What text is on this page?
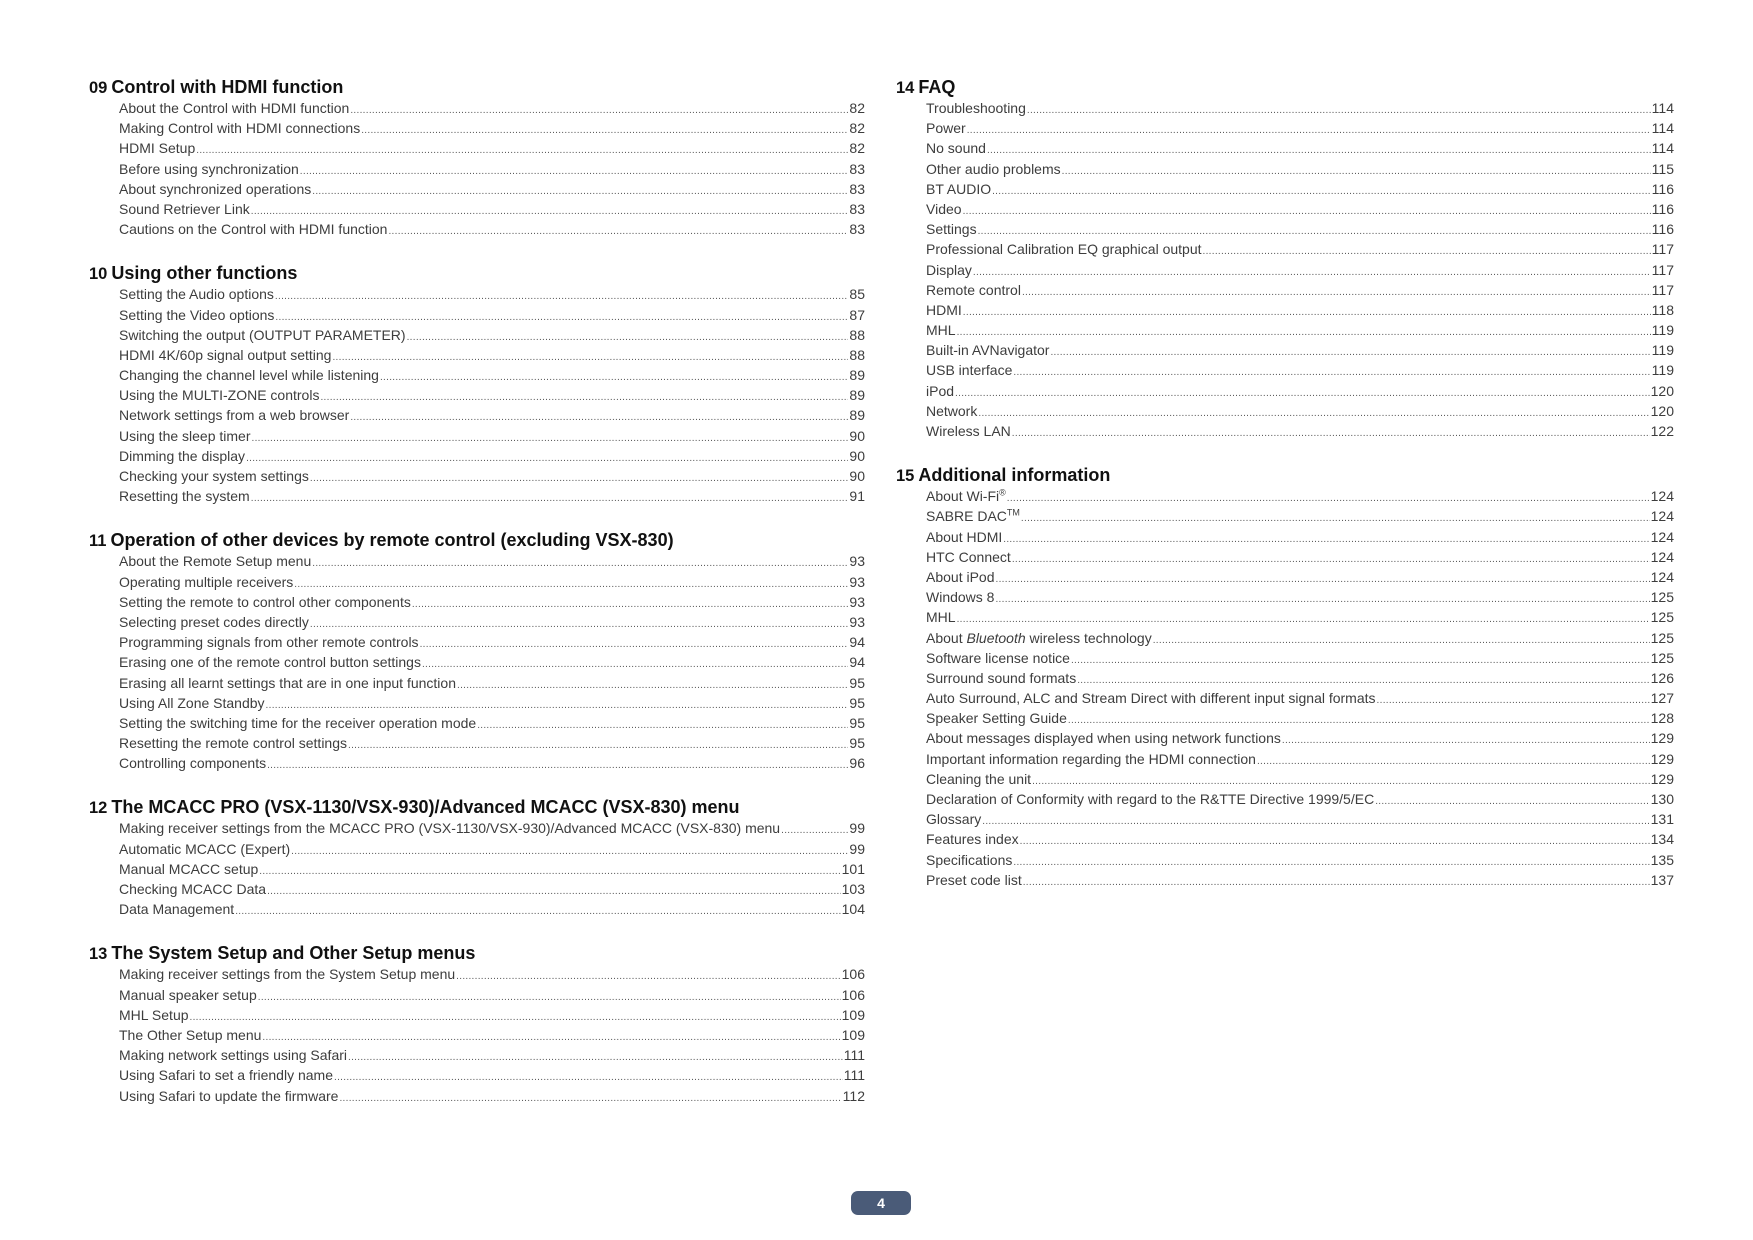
09 Control with HDMI function
About the Control with HDMI function .....	82
Making Control with HDMI connections .....	82
HDMI Setup .....	82
Before using synchronization .....	83
About synchronized operations .....	83
Sound Retriever Link .....	83
Cautions on the Control with HDMI function .....	83
10 Using other functions
Setting the Audio options .....	85
Setting the Video options .....	87
Switching the output (OUTPUT PARAMETER) .....	88
HDMI 4K/60p signal output setting .....	88
Changing the channel level while listening .....	89
Using the MULTI-ZONE controls .....	89
Network settings from a web browser .....	89
Using the sleep timer .....	90
Dimming the display .....	90
Checking your system settings .....	90
Resetting the system .....	91
11 Operation of other devices by remote control (excluding VSX-830)
About the Remote Setup menu .....	93
Operating multiple receivers .....	93
Setting the remote to control other components .....	93
Selecting preset codes directly .....	93
Programming signals from other remote controls .....	94
Erasing one of the remote control button settings .....	94
Erasing all learnt settings that are in one input function .....	95
Using All Zone Standby .....	95
Setting the switching time for the receiver operation mode .....	95
Resetting the remote control settings .....	95
Controlling components .....	96
12 The MCACC PRO (VSX-1130/VSX-930)/Advanced MCACC (VSX-830) menu
Making receiver settings from the MCACC PRO (VSX-1130/VSX-930)/Advanced MCACC (VSX-830) menu .....	99
Automatic MCACC (Expert) .....	99
Manual MCACC setup .....	101
Checking MCACC Data .....	103
Data Management .....	104
13 The System Setup and Other Setup menus
Making receiver settings from the System Setup menu .....	106
Manual speaker setup .....	106
MHL Setup .....	109
The Other Setup menu .....	109
Making network settings using Safari .....	111
Using Safari to set a friendly name .....	111
Using Safari to update the firmware .....	112
14 FAQ
Troubleshooting .....	114
Power .....	114
No sound .....	114
Other audio problems .....	115
BT AUDIO .....	116
Video .....	116
Settings .....	116
Professional Calibration EQ graphical output .....	117
Display .....	117
Remote control .....	117
HDMI .....	118
MHL .....	119
Built-in AVNavigator .....	119
USB interface .....	119
iPod .....	120
Network .....	120
Wireless LAN .....	122
15 Additional information
About Wi-Fi® .....	124
SABRE DAC™ .....	124
About HDMI .....	124
HTC Connect .....	124
About iPod .....	124
Windows 8 .....	125
MHL .....	125
About Bluetooth wireless technology .....	125
Software license notice .....	125
Surround sound formats .....	126
Auto Surround, ALC and Stream Direct with different input signal formats .....	127
Speaker Setting Guide .....	128
About messages displayed when using network functions .....	129
Important information regarding the HDMI connection .....	129
Cleaning the unit .....	129
Declaration of Conformity with regard to the R&TTE Directive 1999/5/EC .....	130
Glossary .....	131
Features index .....	134
Specifications .....	135
Preset code list .....	137
4
